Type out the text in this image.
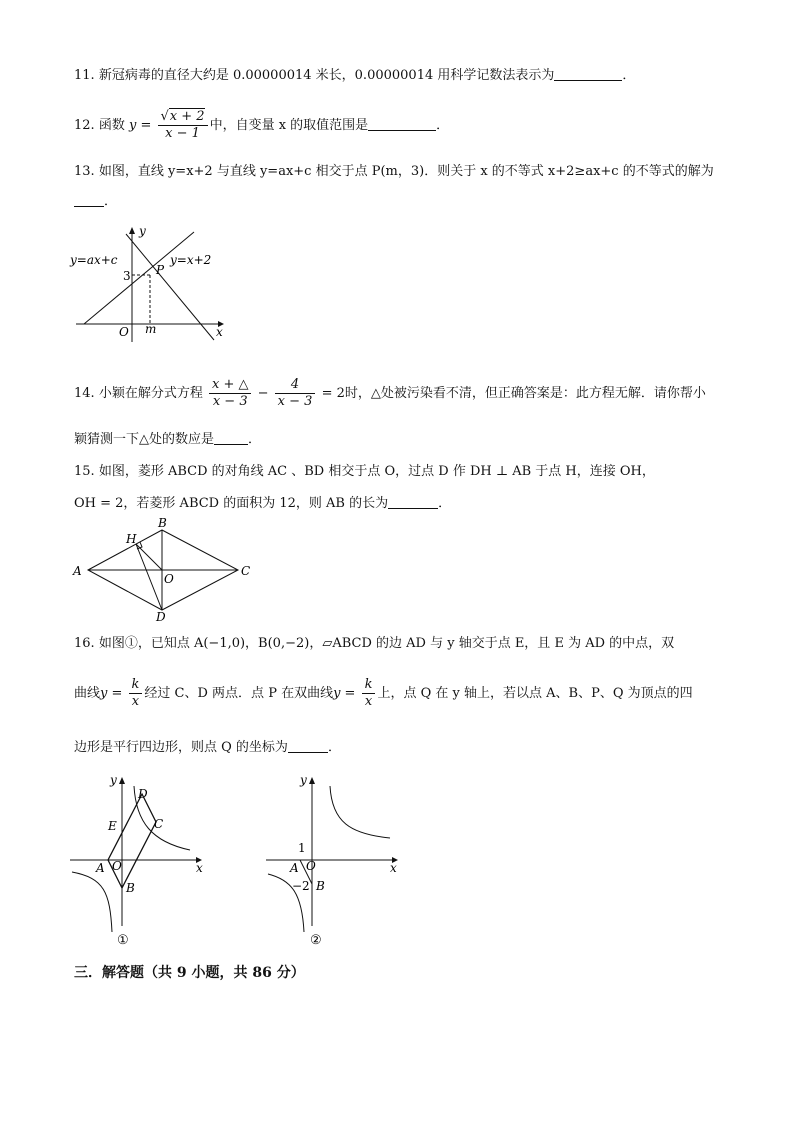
11. 新冠病毒的直径大约是 0.00000014 米长，0.00000014 用科学记数法表示为	．
12. 函数 $y = \frac{√x + 2}{x - 1}$ 中，自变量 x 的取值范围是	．
13. 如图，直线 y=x+2 与直线 y=ax+c 相交于点 P(m，3)．则关于 x 的不等式 x+2≥ax+c 的不等式的解为
．
y=ax+c	y=x+2
y
x
O
P
3
m
14. 小颖在解分式方程 $\frac{x + \triangle}{x - 3} - \frac{4}{x - 3} = 2$时，△处被污染看不清，但正确答案是：此方程无解．请你帮小
颖猜测一下△处的数应是	．
15. 如图，菱形 ABCD 的对角线 AC 、BD 相交于点 O，过点 D 作 DH ⊥ AB 于点 H，连接 OH，
OH = 2，若菱形 ABCD 的面积为 12，则 AB 的长为	．
A
B
C
D
H
O
16. 如图①，已知点 A(−1,0)，B(0,−2)，▱ABCD 的边 AD 与 y 轴交于点 E，且 E 为 AD 的中点，双
曲线$y = \frac{k}{x}$ 经过 C、D 两点．点 P 在双曲线$y = \frac{k}{x}$ 上，点 Q 在 y 轴上，若以点 A、B、P、Q 为顶点的四
边形是平行四边形，则点 Q 的坐标为	．
y
x
D
C
E
A O
B
①
1
y
x
A O
−2 B
②
三．解答题（共 9 小题，共 86 分）
